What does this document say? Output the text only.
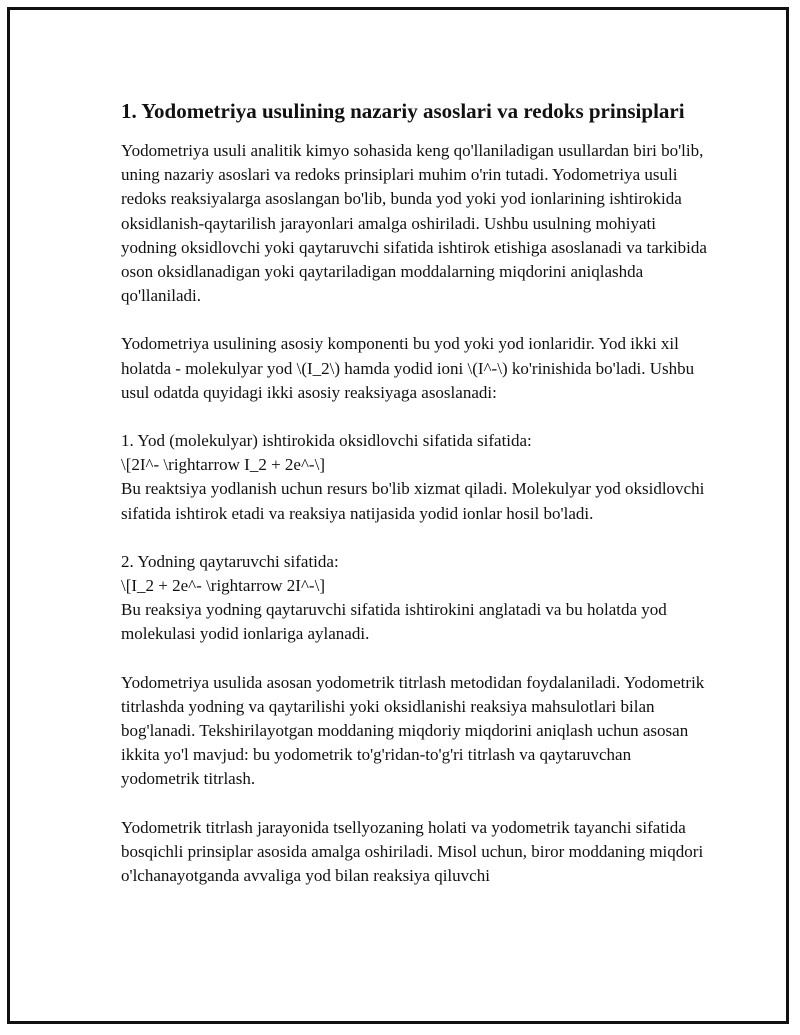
1. Yodometriya usulining nazariy asoslari va redoks prinsiplari

Yodometriya usuli analitik kimyo sohasida keng qo'llaniladigan usullardan biri bo'lib, uning nazariy asoslari va redoks prinsiplari muhim o'rin tutadi. Yodometriya usuli redoks reaksiyalarga asoslangan bo'lib, bunda yod yoki yod ionlarining ishtirokida oksidlanish-qaytarilish jarayonlari amalga oshiriladi. Ushbu usulning mohiyati yodning oksidlovchi yoki qaytaruvchi sifatida ishtirok etishiga asoslanadi va tarkibida oson oksidlanadigan yoki qaytariladigan moddalarning miqdorini aniqlashda qo'llaniladi.

Yodometriya usulining asosiy komponenti bu yod yoki yod ionlaridir. Yod ikki xil holatda - molekulyar yod \(I_2\) hamda yodid ioni \(I^-\) ko'rinishida bo'ladi. Ushbu usul odatda quyidagi ikki asosiy reaksiyaga asoslanadi:

1. Yod (molekulyar) ishtirokida oksidlovchi sifatida sifatida:
\[2I^- \rightarrow I_2 + 2e^-\]
Bu reaktsiya yodlanish uchun resurs bo'lib xizmat qiladi. Molekulyar yod oksidlovchi sifatida ishtirok etadi va reaksiya natijasida yodid ionlar hosil bo'ladi.

2. Yodning qaytaruvchi sifatida:
\[I_2 + 2e^- \rightarrow 2I^-\]
Bu reaksiya yodning qaytaruvchi sifatida ishtirokini anglatadi va bu holatda yod molekulasi yodid ionlariga aylanadi.

Yodometriya usulida asosan yodometrik titrlash metodidan foydalaniladi. Yodometrik titrlashda yodning va qaytarilishi yoki oksidlanishi reaksiya mahsulotlari bilan bog'lanadi. Tekshirilayotgan moddaning miqdoriy miqdorini aniqlash uchun asosan ikkita yo'l mavjud: bu yodometrik to'g'ridan-to'g'ri titrlash va qaytaruvchan yodometrik titrlash.

Yodometrik titrlash jarayonida tsellyozaning holati va yodometrik tayanchi sifatida bosqichli prinsiplar asosida amalga oshiriladi. Misol uchun, biror moddaning miqdori o'lchanayotganda avvaliga yod bilan reaksiya qiluvchi
